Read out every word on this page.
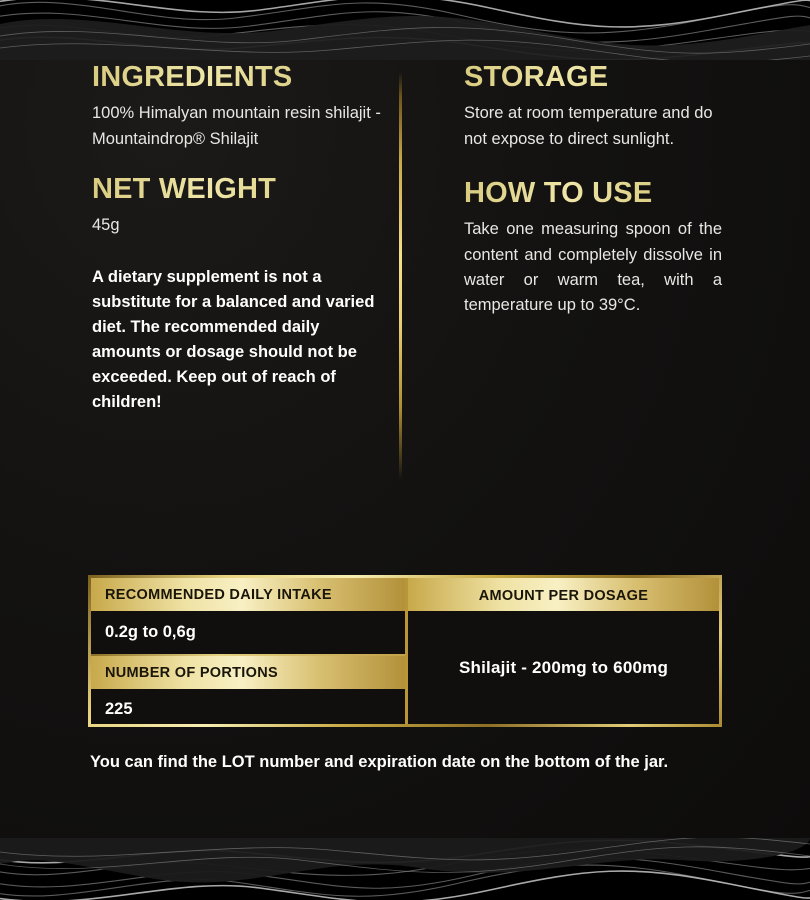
INGREDIENTS
100% Himalyan mountain resin shilajit - Mountaindrop® Shilajit
NET WEIGHT
45g
A dietary supplement is not a substitute for a balanced and varied diet. The recommended daily amounts or dosage should not be exceeded. Keep out of reach of children!
STORAGE
Store at room temperature and do not expose to direct sunlight.
HOW TO USE
Take one measuring spoon of the content and completely dissolve in water or warm tea, with a temperature up to 39°C.
RECOMMENDED DAILY INTAKE
0.2g to 0,6g
NUMBER OF PORTIONS
225
AMOUNT PER DOSAGE
Shilajit - 200mg to 600mg
You can find the LOT number and expiration date on the bottom of the jar.
